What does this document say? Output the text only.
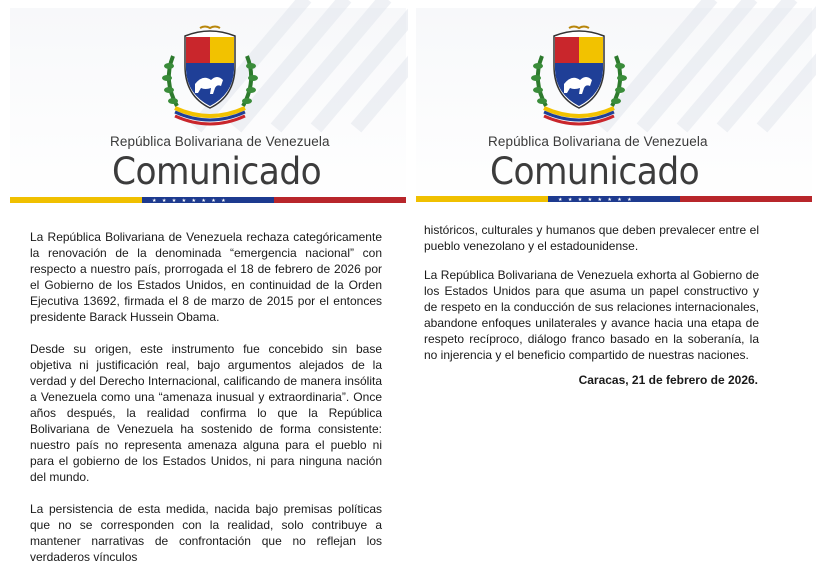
República Bolivariana de Venezuela
Comunicado
★ ★ ★ ★ ★ ★ ★ ★

La República Bolivariana de Venezuela rechaza categóricamente la renovación de la denominada “emergencia nacional” con respecto a nuestro país, prorrogada el 18 de febrero de 2026 por el Gobierno de los Estados Unidos, en continuidad de la Orden Ejecutiva 13692, firmada el 8 de marzo de 2015 por el entonces presidente Barack Hussein Obama.

Desde su origen, este instrumento fue concebido sin base objetiva ni justificación real, bajo argumentos alejados de la verdad y del Derecho Internacional, calificando de manera insólita a Venezuela como una “amenaza inusual y extraordinaria”. Once años después, la realidad confirma lo que la República Bolivariana de Venezuela ha sostenido de forma consistente: nuestro país no representa amenaza alguna para el pueblo ni para el gobierno de los Estados Unidos, ni para ninguna nación del mundo.

La persistencia de esta medida, nacida bajo premisas políticas que no se corresponden con la realidad, solo contribuye a mantener narrativas de confrontación que no reflejan los verdaderos vínculos

República Bolivariana de Venezuela
Comunicado
★ ★ ★ ★ ★ ★ ★ ★

históricos, culturales y humanos que deben prevalecer entre el pueblo venezolano y el estadounidense.

La República Bolivariana de Venezuela exhorta al Gobierno de los Estados Unidos para que asuma un papel constructivo y de respeto en la conducción de sus relaciones internacionales, abandone enfoques unilaterales y avance hacia una etapa de respeto recíproco, diálogo franco basado en la soberanía, la no injerencia y el beneficio compartido de nuestras naciones.

Caracas, 21 de febrero de 2026.
